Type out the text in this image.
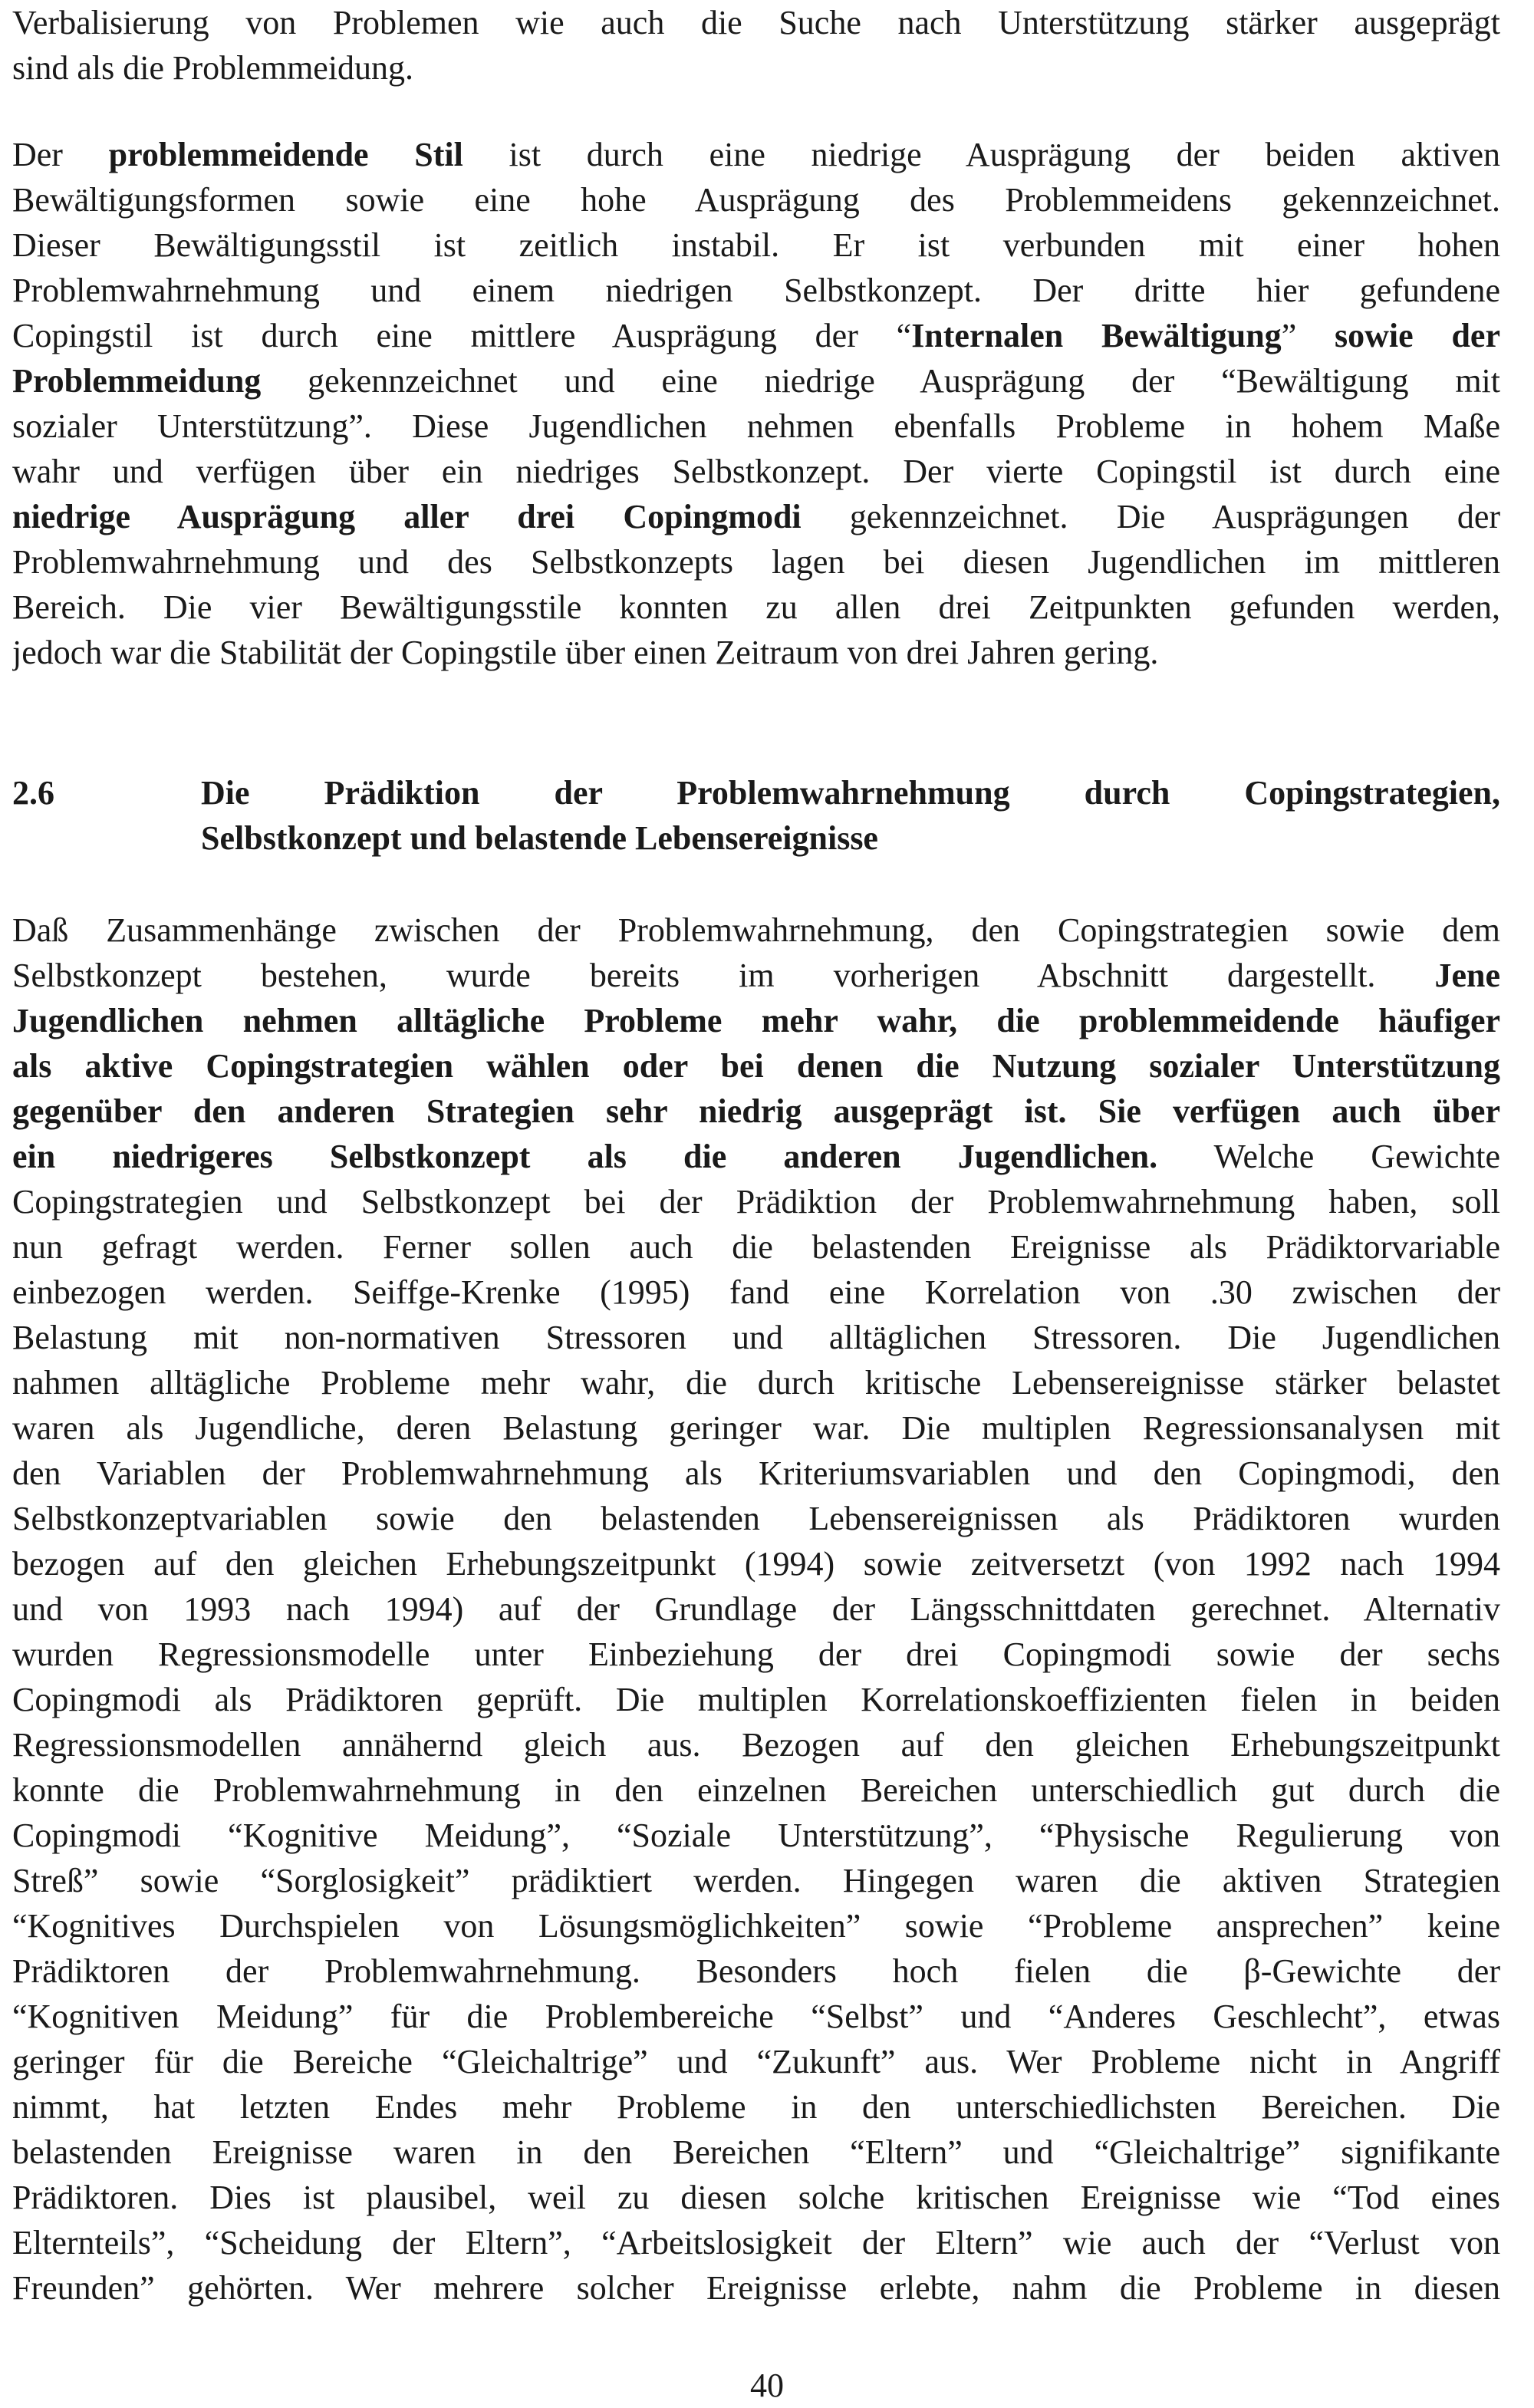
Verbalisierung von Problemen wie auch die Suche nach Unterstützung stärker ausgeprägt
sind als die Problemmeidung.
Der problemmeidende Stil ist durch eine niedrige Ausprägung der beiden aktiven
Bewältigungsformen sowie eine hohe Ausprägung des Problemmeidens gekennzeichnet.
Dieser Bewältigungsstil ist zeitlich instabil. Er ist verbunden mit einer hohen
Problemwahrnehmung und einem niedrigen Selbstkonzept. Der dritte hier gefundene
Copingstil ist durch eine mittlere Ausprägung der “Internalen Bewältigung” sowie der
Problemmeidung gekennzeichnet und eine niedrige Ausprägung der “Bewältigung mit
sozialer Unterstützung”. Diese Jugendlichen nehmen ebenfalls Probleme in hohem Maße
wahr und verfügen über ein niedriges Selbstkonzept. Der vierte Copingstil ist durch eine
niedrige Ausprägung aller drei Copingmodi gekennzeichnet. Die Ausprägungen der
Problemwahrnehmung und des Selbstkonzepts lagen bei diesen Jugendlichen im mittleren
Bereich. Die vier Bewältigungsstile konnten zu allen drei Zeitpunkten gefunden werden,
jedoch war die Stabilität der Copingstile über einen Zeitraum von drei Jahren gering.
2.6	Die Prädiktion der Problemwahrnehmung durch Copingstrategien,
Selbstkonzept und belastende Lebensereignisse
Daß Zusammenhänge zwischen der Problemwahrnehmung, den Copingstrategien sowie dem
Selbstkonzept bestehen, wurde bereits im vorherigen Abschnitt dargestellt. Jene
Jugendlichen nehmen alltägliche Probleme mehr wahr, die problemmeidende häufiger
als aktive Copingstrategien wählen oder bei denen die Nutzung sozialer Unterstützung
gegenüber den anderen Strategien sehr niedrig ausgeprägt ist. Sie verfügen auch über
ein niedrigeres Selbstkonzept als die anderen Jugendlichen. Welche Gewichte
Copingstrategien und Selbstkonzept bei der Prädiktion der Problemwahrnehmung haben, soll
nun gefragt werden. Ferner sollen auch die belastenden Ereignisse als Prädiktorvariable
einbezogen werden. Seiffge-Krenke (1995) fand eine Korrelation von .30 zwischen der
Belastung mit non-normativen Stressoren und alltäglichen Stressoren. Die Jugendlichen
nahmen alltägliche Probleme mehr wahr, die durch kritische Lebensereignisse stärker belastet
waren als Jugendliche, deren Belastung geringer war. Die multiplen Regressionsanalysen mit
den Variablen der Problemwahrnehmung als Kriteriumsvariablen und den Copingmodi, den
Selbstkonzeptvariablen sowie den belastenden Lebensereignissen als Prädiktoren wurden
bezogen auf den gleichen Erhebungszeitpunkt (1994) sowie zeitversetzt (von 1992 nach 1994
und von 1993 nach 1994) auf der Grundlage der Längsschnittdaten gerechnet. Alternativ
wurden Regressionsmodelle unter Einbeziehung der drei Copingmodi sowie der sechs
Copingmodi als Prädiktoren geprüft. Die multiplen Korrelationskoeffizienten fielen in beiden
Regressionsmodellen annähernd gleich aus. Bezogen auf den gleichen Erhebungszeitpunkt
konnte die Problemwahrnehmung in den einzelnen Bereichen unterschiedlich gut durch die
Copingmodi “Kognitive Meidung”, “Soziale Unterstützung”, “Physische Regulierung von
Streß” sowie “Sorglosigkeit” prädiktiert werden. Hingegen waren die aktiven Strategien
“Kognitives Durchspielen von Lösungsmöglichkeiten” sowie “Probleme ansprechen” keine
Prädiktoren der Problemwahrnehmung. Besonders hoch fielen die β-Gewichte der
“Kognitiven Meidung” für die Problembereiche “Selbst” und “Anderes Geschlecht”, etwas
geringer für die Bereiche “Gleichaltrige” und “Zukunft” aus. Wer Probleme nicht in Angriff
nimmt, hat letzten Endes mehr Probleme in den unterschiedlichsten Bereichen. Die
belastenden Ereignisse waren in den Bereichen “Eltern” und “Gleichaltrige” signifikante
Prädiktoren. Dies ist plausibel, weil zu diesen solche kritischen Ereignisse wie “Tod eines
Elternteils”, “Scheidung der Eltern”, “Arbeitslosigkeit der Eltern” wie auch der “Verlust von
Freunden” gehörten. Wer mehrere solcher Ereignisse erlebte, nahm die Probleme in diesen
40
